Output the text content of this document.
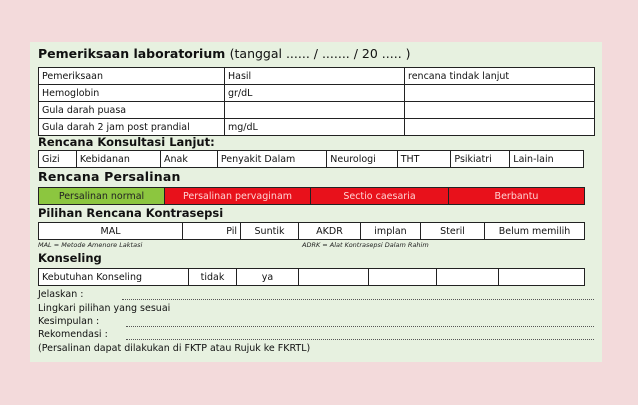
Pemeriksaan laboratorium (tanggal ...... / ....... / 20 ..... )
Pemeriksaan	Hasil	rencana tindak lanjut
Hemoglobin	gr/dL	
Gula darah puasa		
Gula darah 2 jam post prandial	mg/dL	
Rencana Konsultasi Lanjut:
Gizi	Kebidanan	Anak	Penyakit Dalam	Neurologi	THT	Psikiatri	Lain-lain
Rencana Persalinan
Persalinan normal	Persalinan pervaginam	Sectio caesaria	Berbantu
Pilihan Rencana Kontrasepsi
MAL	Pil	Suntik	AKDR	implan	Steril	Belum memilih
MAL = Metode Amenore Laktasi	ADRK = Alat Kontrasepsi Dalam Rahim
Konseling
Kebutuhan Konseling	tidak	ya				
Jelaskan :
Lingkari pilihan yang sesuai
Kesimpulan :
Rekomendasi :
(Persalinan dapat dilakukan di FKTP atau Rujuk ke FKRTL)
